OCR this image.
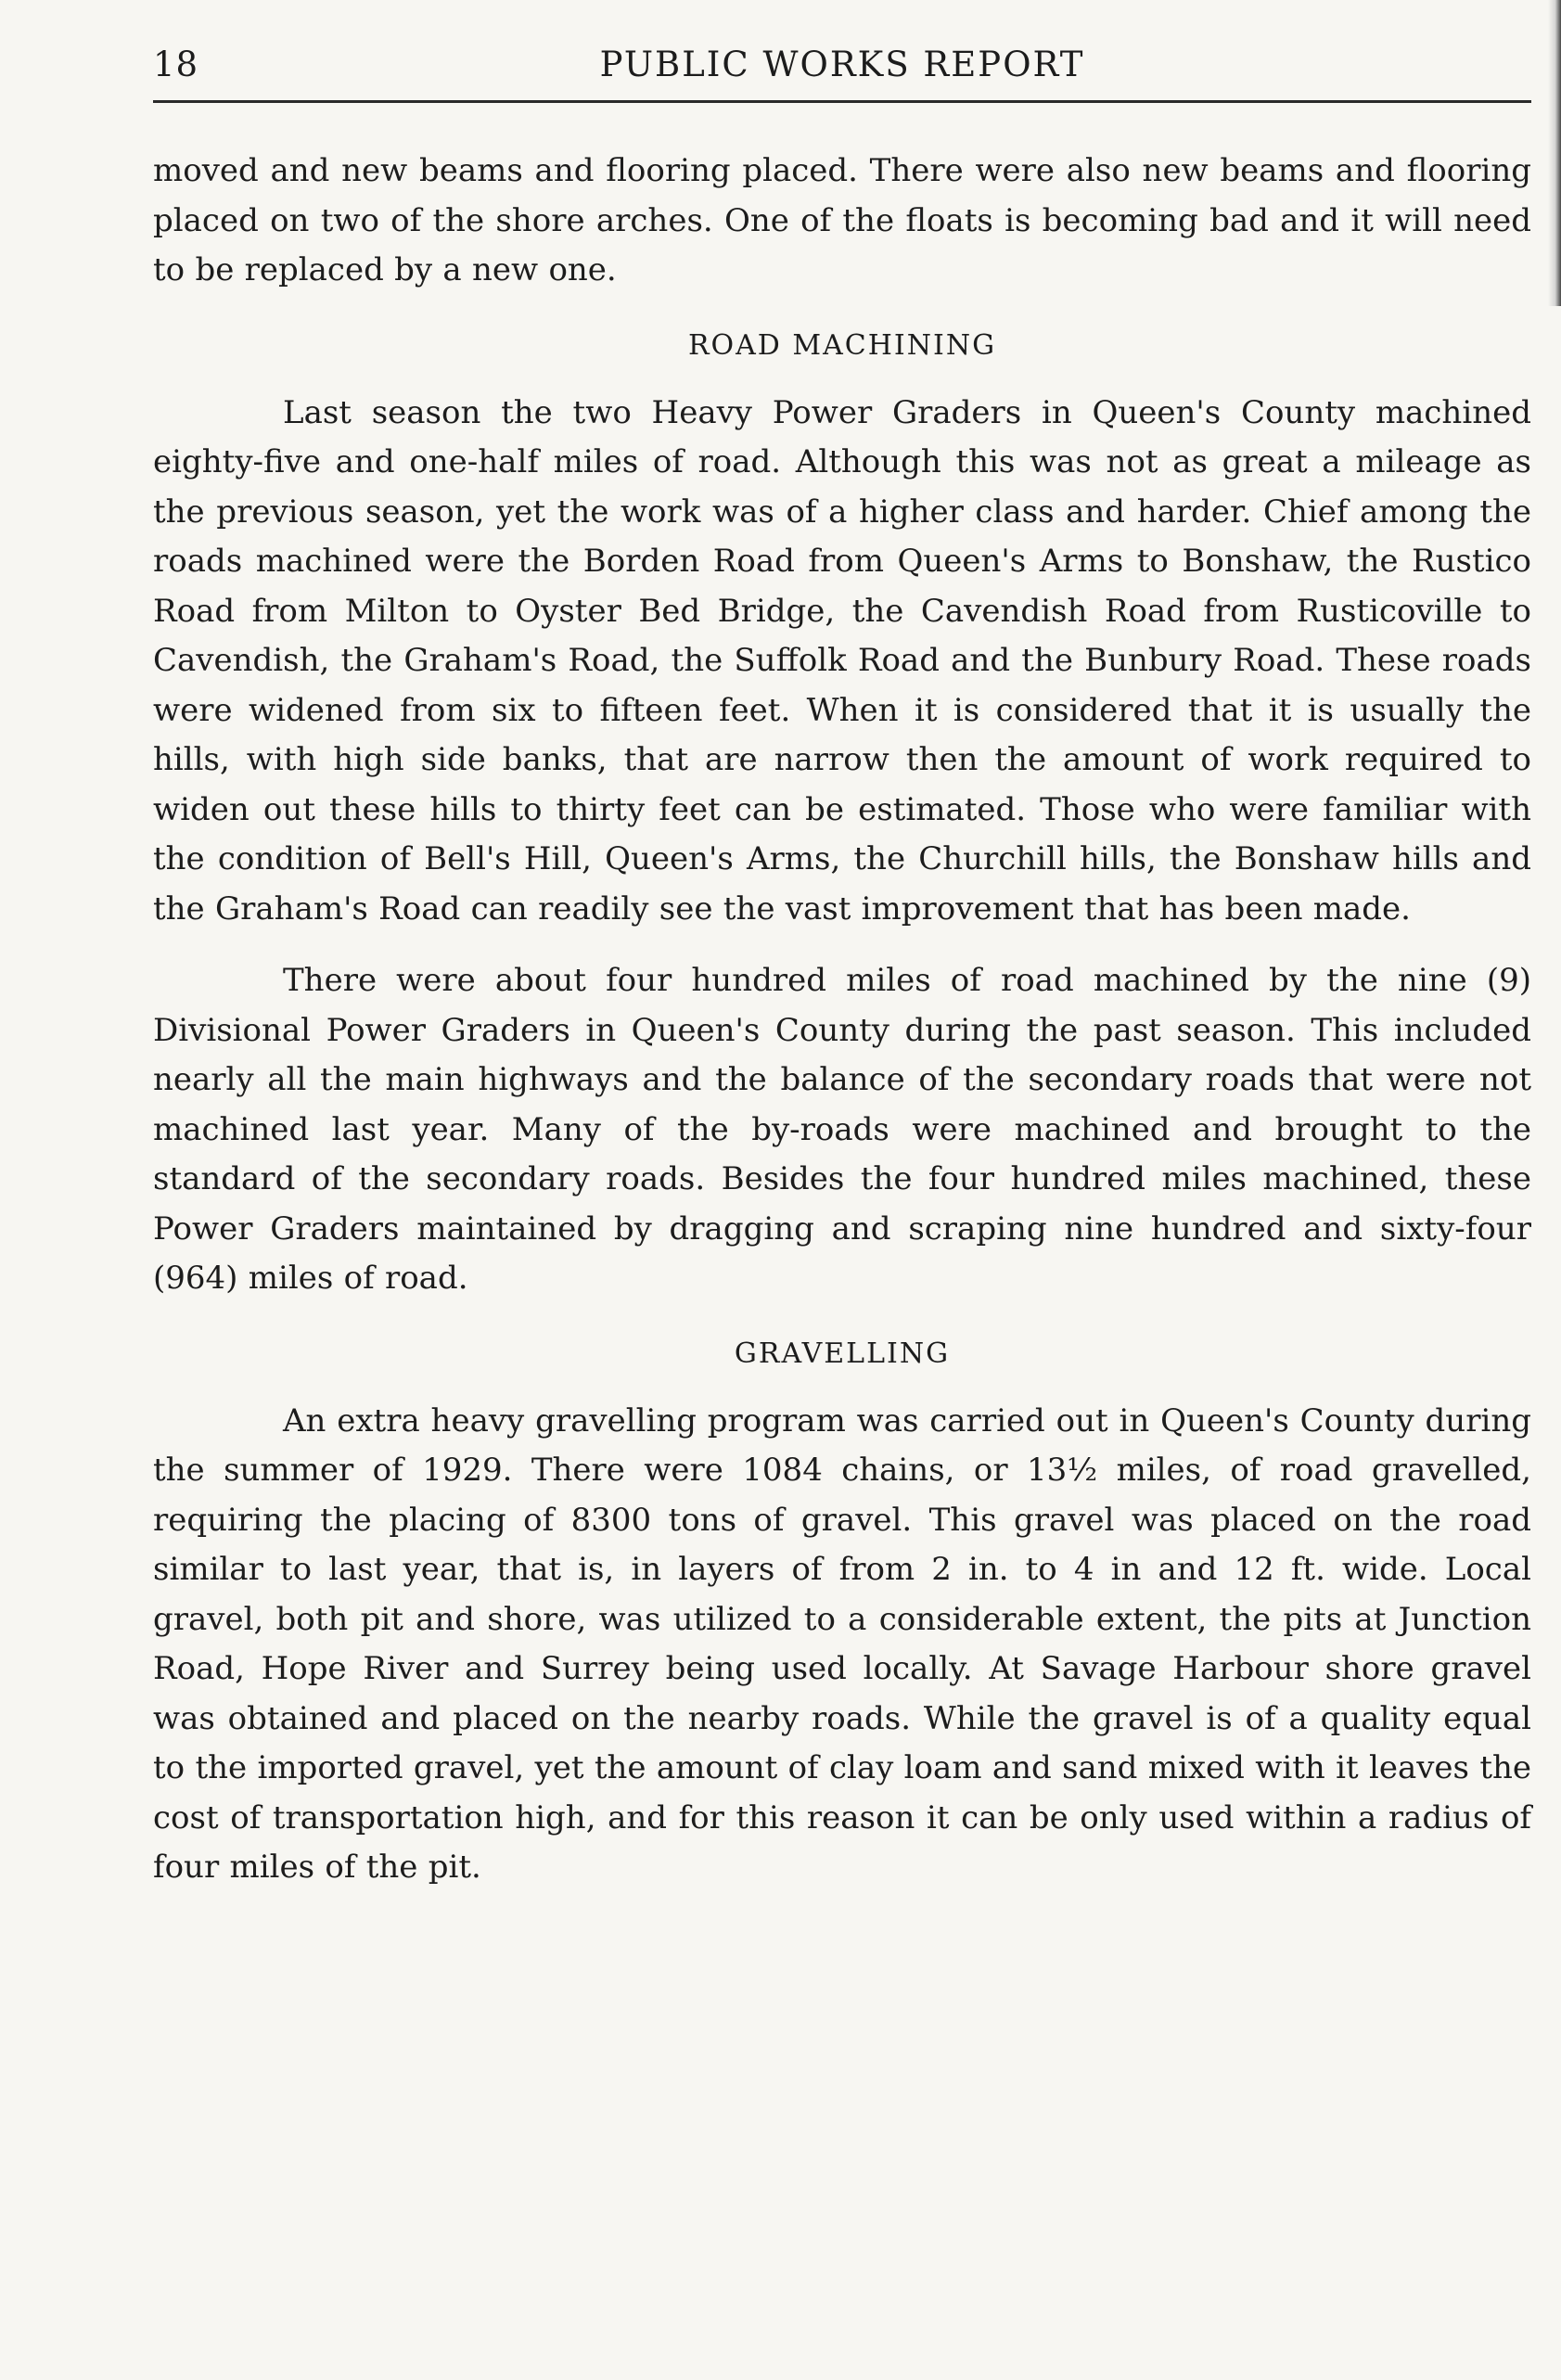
18	PUBLIC WORKS REPORT

moved and new beams and flooring placed. There were also new beams and flooring placed on two of the shore arches. One of the floats is becoming bad and it will need to be replaced by a new one.

ROAD MACHINING

Last season the two Heavy Power Graders in Queen's County machined eighty-five and one-half miles of road. Although this was not as great a mileage as the previous season, yet the work was of a higher class and harder. Chief among the roads machined were the Borden Road from Queen's Arms to Bonshaw, the Rustico Road from Milton to Oyster Bed Bridge, the Cavendish Road from Rusticoville to Cavendish, the Graham's Road, the Suffolk Road and the Bunbury Road. These roads were widened from six to fifteen feet. When it is considered that it is usually the hills, with high side banks, that are narrow then the amount of work required to widen out these hills to thirty feet can be estimated. Those who were familiar with the condition of Bell's Hill, Queen's Arms, the Churchill hills, the Bonshaw hills and the Graham's Road can readily see the vast improvement that has been made.

There were about four hundred miles of road machined by the nine (9) Divisional Power Graders in Queen's County during the past season. This included nearly all the main highways and the balance of the secondary roads that were not machined last year. Many of the by-roads were machined and brought to the standard of the secondary roads. Besides the four hundred miles machined, these Power Graders maintained by dragging and scraping nine hundred and sixty-four (964) miles of road.

GRAVELLING

An extra heavy gravelling program was carried out in Queen's County during the summer of 1929. There were 1084 chains, or 13½ miles, of road gravelled, requiring the placing of 8300 tons of gravel. This gravel was placed on the road similar to last year, that is, in layers of from 2 in. to 4 in and 12 ft. wide. Local gravel, both pit and shore, was utilized to a considerable extent, the pits at Junction Road, Hope River and Surrey being used locally. At Savage Harbour shore gravel was obtained and placed on the nearby roads. While the gravel is of a quality equal to the imported gravel, yet the amount of clay loam and sand mixed with it leaves the cost of transportation high, and for this reason it can be only used within a radius of four miles of the pit.
